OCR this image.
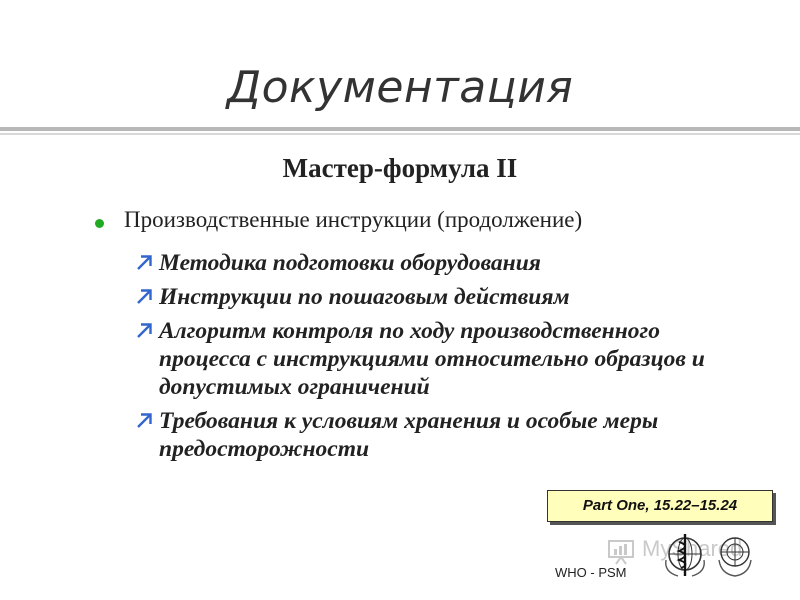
Документация
Мастер-формула II
Производственные инструкции (продолжение)
Методика подготовки оборудования
Инструкции по пошаговым действиям
Алгоритм контроля по ходу производственного процесса с инструкциями относительно образцов и допустимых ограничений
Требования к условиям хранения и особые меры предосторожности
Part One, 15.22–15.24
MyShared
WHO - PSM
